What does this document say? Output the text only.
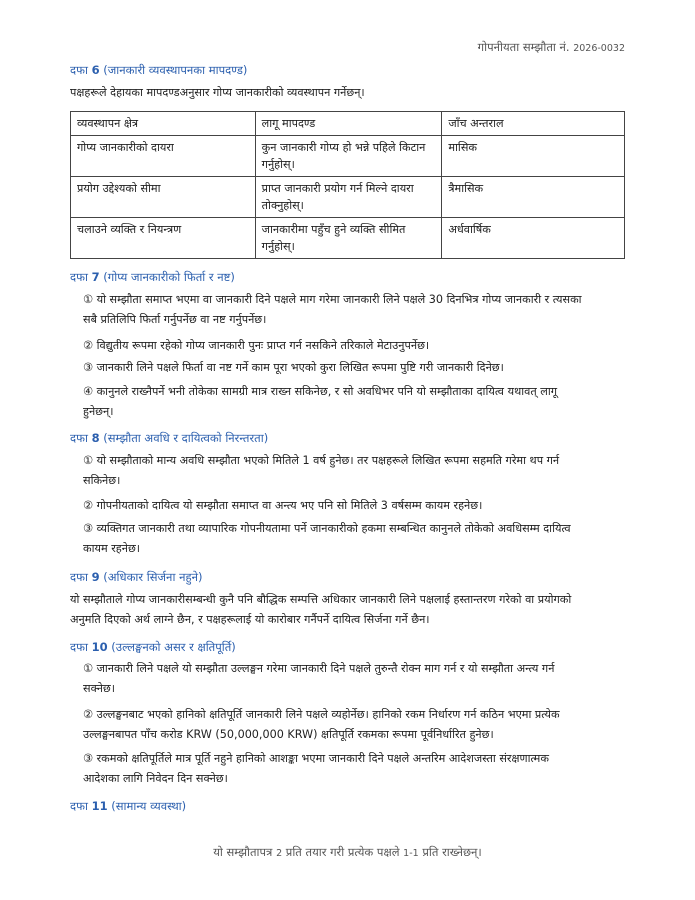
गोपनीयता सम्झौता नं. 2026-0032
दफा 6 (जानकारी व्यवस्थापनका मापदण्ड)
पक्षहरूले देहायका मापदण्डअनुसार गोप्य जानकारीको व्यवस्थापन गर्नेछन्।
व्यवस्थापन क्षेत्र	लागू मापदण्ड	जाँच अन्तराल
गोप्य जानकारीको दायरा	कुन जानकारी गोप्य हो भन्ने पहिले किटान गर्नुहोस्।	मासिक
प्रयोग उद्देश्यको सीमा	प्राप्त जानकारी प्रयोग गर्न मिल्ने दायरा तोक्नुहोस्।	त्रैमासिक
चलाउने व्यक्ति र नियन्त्रण	जानकारीमा पहुँच हुने व्यक्ति सीमित गर्नुहोस्।	अर्धवार्षिक
दफा 7 (गोप्य जानकारीको फिर्ता र नष्ट)
① यो सम्झौता समाप्त भएमा वा जानकारी दिने पक्षले माग गरेमा जानकारी लिने पक्षले 30 दिनभित्र गोप्य जानकारी र त्यसका
सबै प्रतिलिपि फिर्ता गर्नुपर्नेछ वा नष्ट गर्नुपर्नेछ।
② विद्युतीय रूपमा रहेको गोप्य जानकारी पुनः प्राप्त गर्न नसकिने तरिकाले मेटाउनुपर्नेछ।
③ जानकारी लिने पक्षले फिर्ता वा नष्ट गर्ने काम पूरा भएको कुरा लिखित रूपमा पुष्टि गरी जानकारी दिनेछ।
④ कानुनले राख्नैपर्ने भनी तोकेका सामग्री मात्र राख्न सकिनेछ, र सो अवधिभर पनि यो सम्झौताका दायित्व यथावत् लागू
हुनेछन्।
दफा 8 (सम्झौता अवधि र दायित्वको निरन्तरता)
① यो सम्झौताको मान्य अवधि सम्झौता भएको मितिले 1 वर्ष हुनेछ। तर पक्षहरूले लिखित रूपमा सहमति गरेमा थप गर्न
सकिनेछ।
② गोपनीयताको दायित्व यो सम्झौता समाप्त वा अन्त्य भए पनि सो मितिले 3 वर्षसम्म कायम रहनेछ।
③ व्यक्तिगत जानकारी तथा व्यापारिक गोपनीयतामा पर्ने जानकारीको हकमा सम्बन्धित कानुनले तोकेको अवधिसम्म दायित्व
कायम रहनेछ।
दफा 9 (अधिकार सिर्जना नहुने)
यो सम्झौताले गोप्य जानकारीसम्बन्धी कुनै पनि बौद्धिक सम्पत्ति अधिकार जानकारी लिने पक्षलाई हस्तान्तरण गरेको वा प्रयोगको
अनुमति दिएको अर्थ लाग्ने छैन, र पक्षहरूलाई यो कारोबार गर्नैपर्ने दायित्व सिर्जना गर्ने छैन।
दफा 10 (उल्लङ्घनको असर र क्षतिपूर्ति)
① जानकारी लिने पक्षले यो सम्झौता उल्लङ्घन गरेमा जानकारी दिने पक्षले तुरुन्तै रोक्न माग गर्न र यो सम्झौता अन्त्य गर्न
सक्नेछ।
② उल्लङ्घनबाट भएको हानिको क्षतिपूर्ति जानकारी लिने पक्षले व्यहोर्नेछ। हानिको रकम निर्धारण गर्न कठिन भएमा प्रत्येक
उल्लङ्घनबापत पाँच करोड KRW (50,000,000 KRW) क्षतिपूर्ति रकमका रूपमा पूर्वनिर्धारित हुनेछ।
③ रकमको क्षतिपूर्तिले मात्र पूर्ति नहुने हानिको आशङ्का भएमा जानकारी दिने पक्षले अन्तरिम आदेशजस्ता संरक्षणात्मक
आदेशका लागि निवेदन दिन सक्नेछ।
दफा 11 (सामान्य व्यवस्था)
यो सम्झौतापत्र 2 प्रति तयार गरी प्रत्येक पक्षले 1-1 प्रति राख्नेछन्।
